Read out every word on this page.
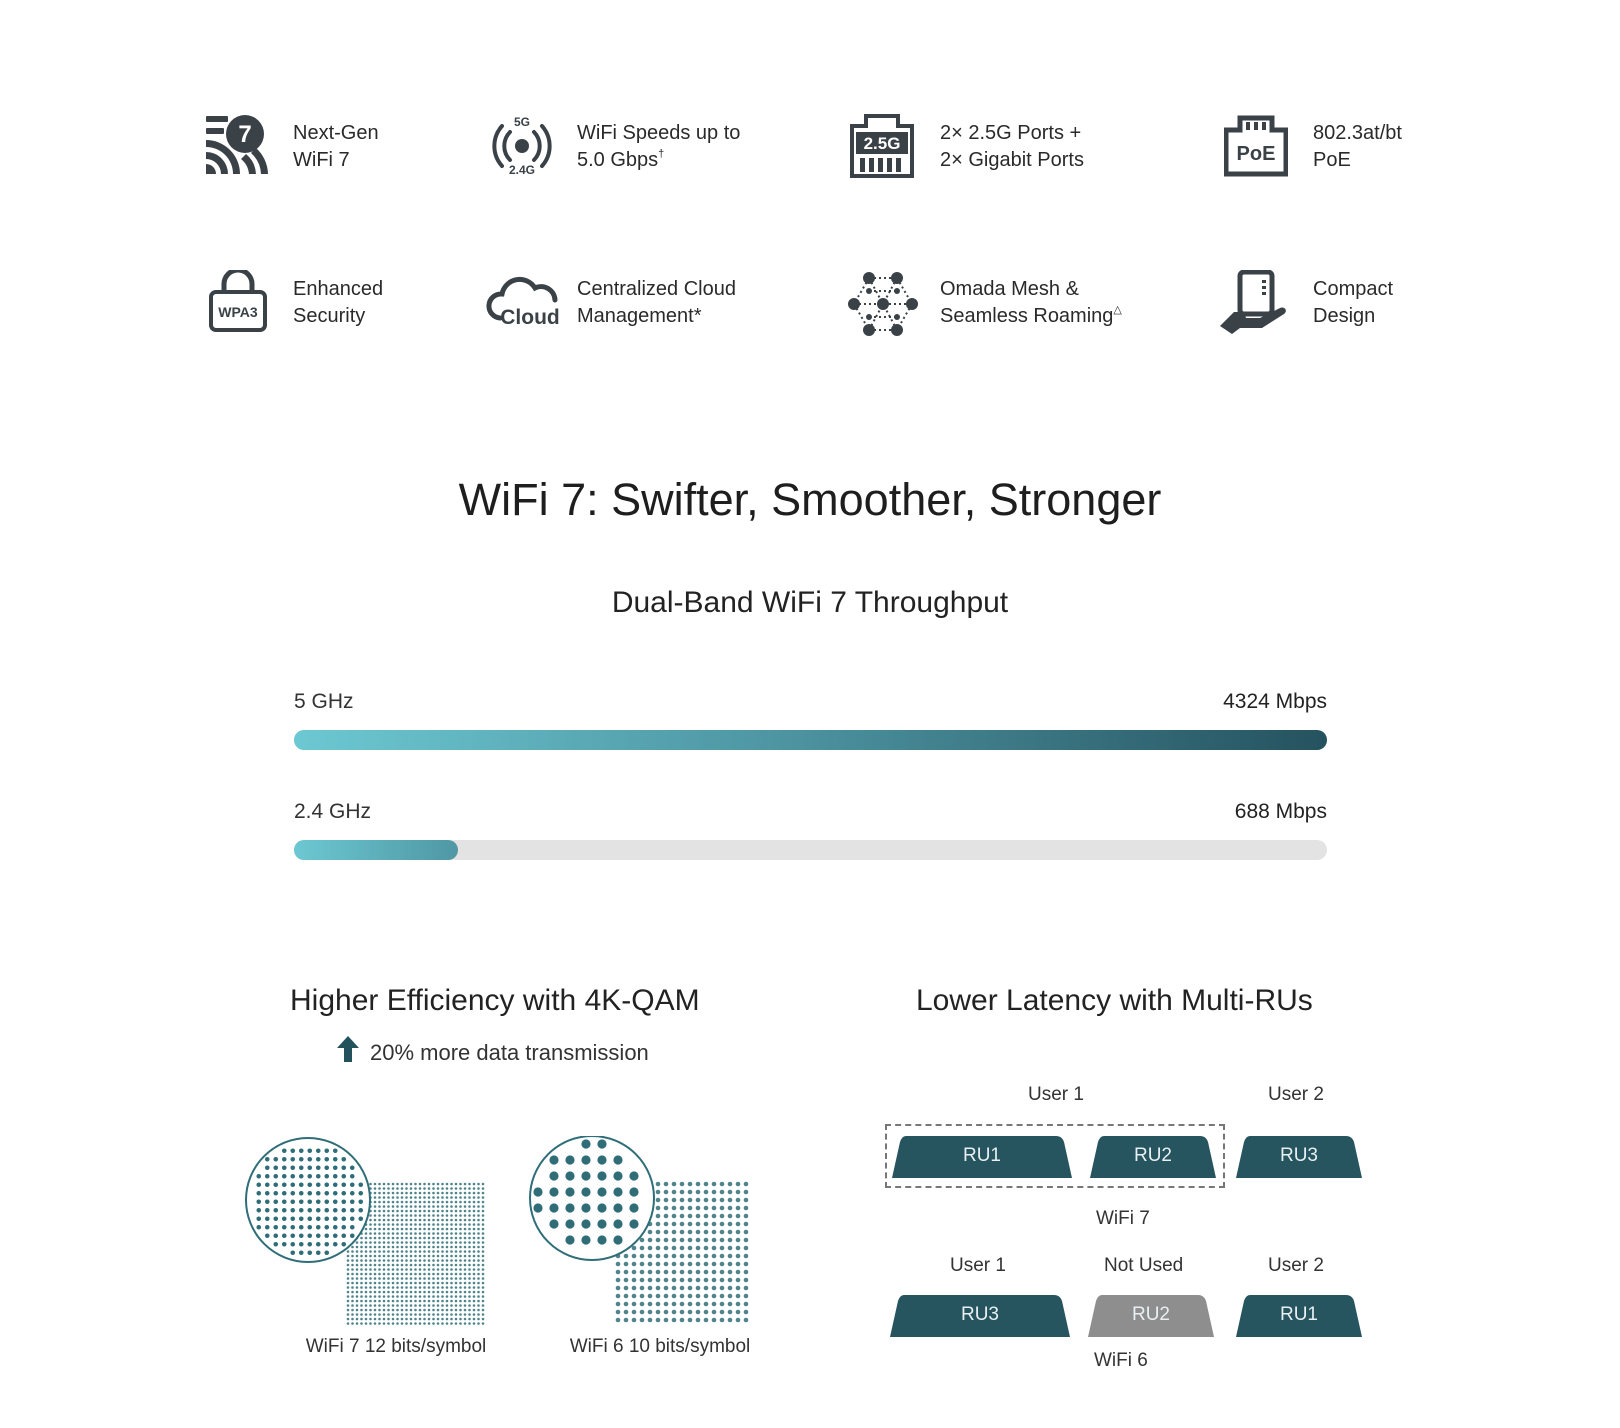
7 Next-Gen
WiFi 7
5G
2.4G
WiFi Speeds up to
5.0 Gbps†
2.5G 2× 2.5G Ports +
2× Gigabit Ports	PoE
802.3at/bt
PoE
WPA3
Enhanced
Security	Cloud
Centralized Cloud
Management*
Omada Mesh &
Seamless Roaming△
Compact
Design
WiFi 7: Swifter, Smoother, Stronger
Dual-Band WiFi 7 Throughput
5 GHz	4324 Mbps
2.4 GHz	688 Mbps
Higher Efficiency with 4K-QAM
20% more data transmission
WiFi 7 12 bits/symbol	WiFi 6 10 bits/symbol
Lower Latency with Multi-RUs
User 1	User 2
RU1	RU2	RU3
WiFi 7
User 1	Not Used	User 2
RU3	RU2	RU1
WiFi 6
